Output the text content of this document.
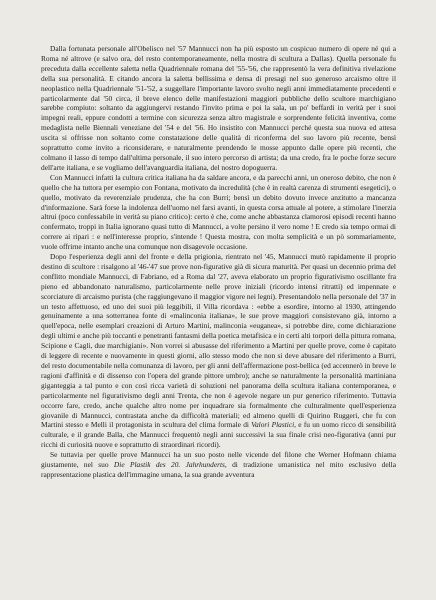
Dalla fortunata personale all'Obelisco nel '57 Mannucci non ha più esposto un cospicuo numero di opere né qui a Roma né altrove (e salvo ora, del resto contemporaneamente, nella mostra di scultura a Dallas). Quella personale fu preceduta dalla eccellente saletta nella Quadriennale romana del '55-'56, che rappresentò la vera definitiva rivelazione della sua personalità. E citando ancora la saletta bellissima e densa di presagi nel suo generoso arcaismo oltre il neoplastico nella Quadriennale '51-'52, a suggellare l'importante lavoro svolto negli anni immediatamente precedenti e particolarmente dal '50 circa, il breve elenco delle manifestazioni maggiori pubbliche dello scultore marchigiano sarebbe compiuto: soltanto da aggiungervi restando l'invito prima e poi la sala, un po' beffardi in verità per i suoi impegni reali, eppure condotti a termine con sicurezza senza altro magistrale e sorprendente felicità inventiva, come medaglista nelle Biennali veneziane del '54 e del '56. Ho insistito con Mannucci perché questa sua nuova ed attesa uscita si offrisse non soltanto come constatazione delle qualità di riconferma del suo lavoro più recente, bensì soprattutto come invito a riconsiderare, e naturalmente prendendo le mosse appunto dalle opere più recenti, che colmano il lasso di tempo dall'ultima personale, il suo intero percorso di artista; da una credo, fra le poche forze secure dell'arte italiana, e se vogliamo dell'avanguardia italiana, del nostro dopoguerra.

Con Mannucci infatti la cultura critica italiana ha da saldare ancora, e da parecchi anni, un oneroso debito, che non è quello che ha tuttora per esempio con Fontana, motivato da incredulità (che è in realtà carenza di strumenti esegetici), o quello, motivato da reverenziale prudenza, che ha con Burri; bensì un debito dovuto invece anzitutto a mancanza d'informazione. Sarà forse la indolenza dell'uomo nel farsi avanti, in questa corsa attuale al potere, a stimolare l'inerzia altrui (poco confessabile in verità su piano critico): certo è che, come anche abbastanza clamorosi episodi recenti hanno confermato, troppi in Italia ignorano quasi tutto di Mannucci, a volte persino il vero nome ! E credo sia tempo ormai di correre ai ripari : e nell'interesse proprio, s'intende ! Questa mostra, con molta semplicità e un pò sommariamente, vuole offrirne intanto anche una comunque non disagevole occasione.

Dopo l'esperienza degli anni del fronte e della prigionia, rientrato nel '45, Mannucci mutò rapidamente il proprio destino di scultore : risalgono al '46-'47 sue prove non-figurative già di sicura maturità. Per quasi un decennio prima del conflitto mondiale Mannucci, di Fabriano, ed a Roma dal '27, aveva elaborato un proprio figurativismo oscillante fra pieno ed abbandonato naturalismo, particolarmente nelle prove iniziali (ricordo intensi ritratti) ed impennate e scorciature di arcaismo purista (che raggiungevano il maggior vigore nei legni). Presentandolo nella personale del '37 in un testo affettuoso, ed uno dei suoi più leggibili, il Villa ricordava : «ebbe a esordire, intorno al 1930, attingendo genuinamente a una sotterranea fonte di «malinconia italiana», le sue prove maggiori consistevano già, intorno a quell'epoca, nelle esemplari creazioni di Arturo Martini, malinconia «euganea», si potrebbe dire, come dichiarazione degli ultimi e anche più toccanti e penetranti fantasmi della poetica metafisica e in certi alti torpori della pittura romana, Scipione e Cagli, due marchigiani». Non vorrei si abusasse del riferimento a Martini per quelle prove, come è capitato di leggere di recente e nuovamente in questi giorni, allo stesso modo che non si deve abusare del riferimento a Burri, del resto documentabile nella comunanza di lavoro, per gli anni dell'affermazione post-bellica (ed accennerò in breve le ragioni d'affinità e di dissenso con l'opera del grande pittore umbro); anche se naturalmente la personalità martiniana giganteggia a tal punto e con così ricca varietà di soluzioni nel panorama della scultura italiana contemporanea, e particolarmente nel figurativismo degli anni Trenta, che non è agevole negare un pur generico riferimento. Tuttavia occorre fare, credo, anche qualche altro nome per inquadrare sia formalmente che culturalmente quell'esperienza giovanile di Mannucci, contrastata anche da difficoltà materiali; ed almeno quelli di Quirino Ruggeri, che fu con Martini stesso e Melli il protagonista in scultura del clima formale di Valori Plastici, e fu un uomo ricco di sensibilità culturale, e il grande Balla, che Mannucci frequentò negli anni successivi la sua finale crisi neo-figurativa (anni pur ricchi di curiosità nuove e soprattutto di straordinari ricordi).

Se tuttavia per quelle prove Mannucci ha un suo posto nelle vicende del filone che Werner Hofmann chiama giustamente, nel suo Die Plastik des 20. Jahrhunderts, di tradizione umanistica nel mito esclusivo della rappresentazione plastica dell'immagine umana, la sua grande avventura
